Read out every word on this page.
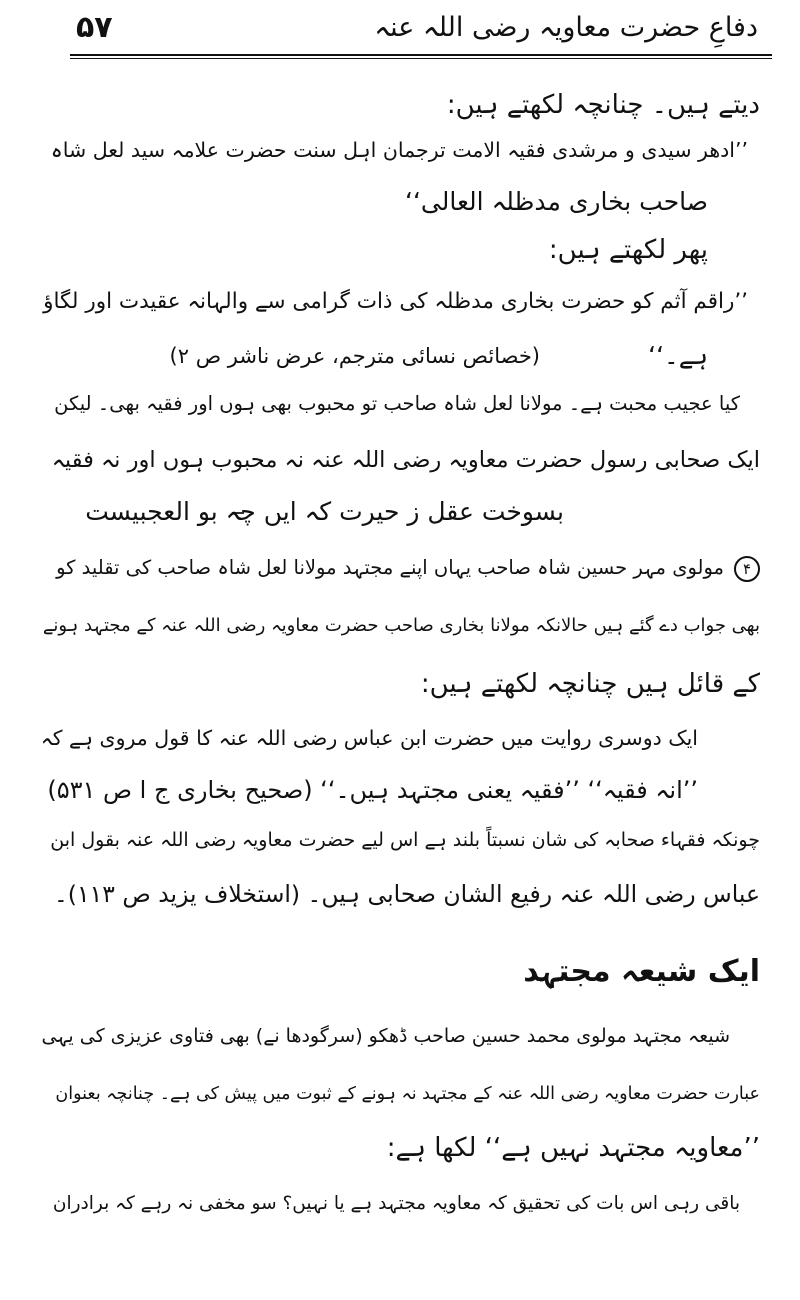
۵۷	دفاعِ حضرت معاویہ رضی اللہ عنہ
دیتے ہیں۔ چنانچہ لکھتے ہیں:
’’ادھر سیدی و مرشدی فقیہ الامت ترجمان اہل سنت حضرت علامہ سید لعل شاہ
صاحب بخاری مدظلہ العالی‘‘
پھر لکھتے ہیں:
’’راقم آثم کو حضرت بخاری مدظلہ کی ذات گرامی سے والہانہ عقیدت اور لگاؤ
ہے۔‘‘
(خصائص نسائی مترجم، عرض ناشر ص ۲)
کیا عجیب محبت ہے۔ مولانا لعل شاہ صاحب تو محبوب بھی ہوں اور فقیہ بھی۔ لیکن
ایک صحابی رسول حضرت معاویہ رضی اللہ عنہ نہ محبوب ہوں اور نہ فقیہ
بسوخت عقل ز حیرت کہ ایں چہ بو العجبیست
۴مولوی مہر حسین شاہ صاحب یہاں اپنے مجتہد مولانا لعل شاہ صاحب کی تقلید کو
بھی جواب دے گئے ہیں حالانکہ مولانا بخاری صاحب حضرت معاویہ رضی اللہ عنہ کے مجتہد ہونے
کے قائل ہیں چنانچہ لکھتے ہیں:
ایک دوسری روایت میں حضرت ابن عباس رضی اللہ عنہ کا قول مروی ہے کہ
’’انہ فقیہ‘‘ ’’فقیہ یعنی مجتہد ہیں۔‘‘ (صحیح بخاری ج ا ص ۵۳۱)
چونکہ فقہاء صحابہ کی شان نسبتاً بلند ہے اس لیے حضرت معاویہ رضی اللہ عنہ بقول ابن
عباس رضی اللہ عنہ رفیع الشان صحابی ہیں۔ (استخلاف یزید ص ۱۱۳)۔
ایک شیعہ مجتہد
شیعہ مجتہد مولوی محمد حسین صاحب ڈھکو (سرگودھا نے) بھی فتاوی عزیزی کی یہی
عبارت حضرت معاویہ رضی اللہ عنہ کے مجتہد نہ ہونے کے ثبوت میں پیش کی ہے۔ چنانچہ بعنوان
’’معاویہ مجتہد نہیں ہے‘‘ لکھا ہے:
باقی رہی اس بات کی تحقیق کہ معاویہ مجتہد ہے یا نہیں؟ سو مخفی نہ رہے کہ برادران
